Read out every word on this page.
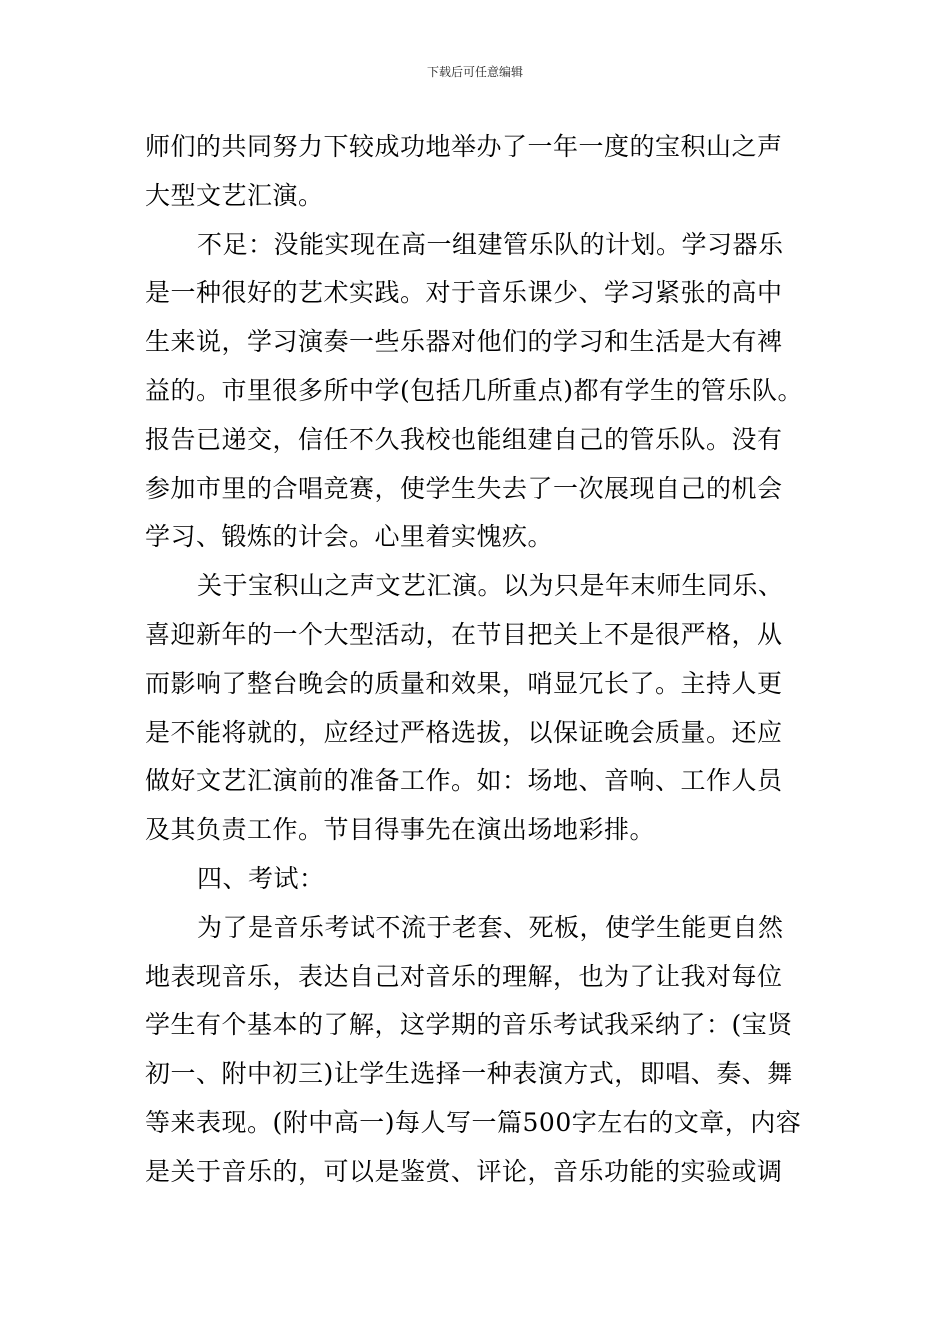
下载后可任意编辑

师们的共同努力下较成功地举办了一年一度的宝积山之声
大型文艺汇演。

不足：没能实现在高一组建管乐队的计划。学习器乐
是一种很好的艺术实践。对于音乐课少、学习紧张的高中
生来说，学习演奏一些乐器对他们的学习和生活是大有裨
益的。市里很多所中学(包括几所重点)都有学生的管乐队。
报告已递交，信任不久我校也能组建自己的管乐队。没有
参加市里的合唱竞赛，使学生失去了一次展现自己的机会
学习、锻炼的计会。心里着实愧疚。

关于宝积山之声文艺汇演。以为只是年末师生同乐、
喜迎新年的一个大型活动，在节目把关上不是很严格，从
而影响了整台晚会的质量和效果，哨显冗长了。主持人更
是不能将就的，应经过严格选拔，以保证晚会质量。还应
做好文艺汇演前的准备工作。如：场地、音响、工作人员
及其负责工作。节目得事先在演出场地彩排。

四、考试：

为了是音乐考试不流于老套、死板，使学生能更自然
地表现音乐，表达自己对音乐的理解，也为了让我对每位
学生有个基本的了解，这学期的音乐考试我采纳了：(宝贤
初一、附中初三)让学生选择一种表演方式，即唱、奏、舞
等来表现。(附中高一)每人写一篇500字左右的文章，内容
是关于音乐的，可以是鉴赏、评论，音乐功能的实验或调
